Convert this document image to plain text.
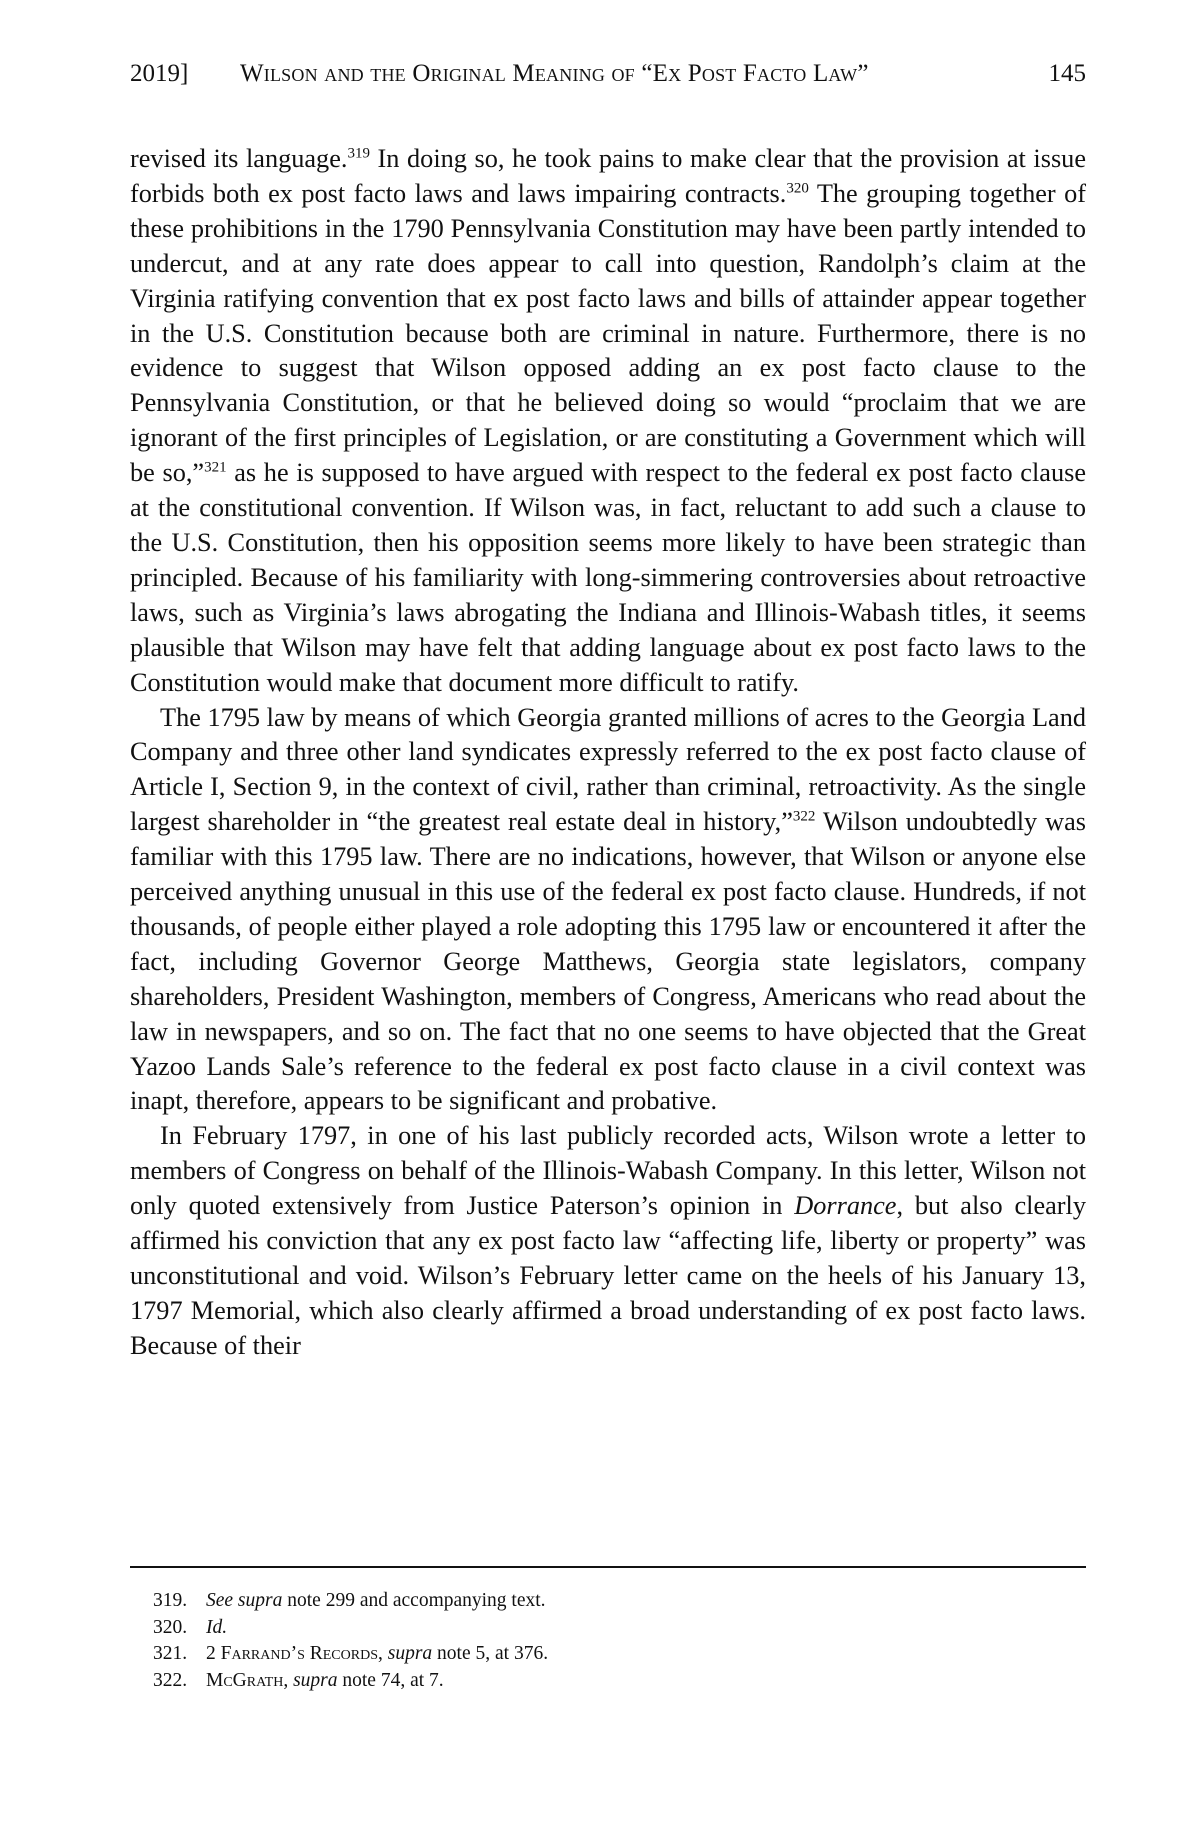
2019] Wilson and the Original Meaning of “Ex Post Facto Law”	145

revised its language.$^{319}$ In doing so, he took pains to make clear that the provision at issue forbids both ex post facto laws and laws impairing contracts.$^{320}$ The grouping together of these prohibitions in the 1790 Pennsylvania Constitution may have been partly intended to undercut, and at any rate does appear to call into question, Randolph’s claim at the Virginia ratifying convention that ex post facto laws and bills of attainder appear together in the U.S. Constitution because both are criminal in nature. Furthermore, there is no evidence to suggest that Wilson opposed adding an ex post facto clause to the Pennsylvania Constitution, or that he believed doing so would “proclaim that we are ignorant of the first principles of Legislation, or are constituting a Government which will be so,”$^{321}$ as he is supposed to have argued with respect to the federal ex post facto clause at the constitutional convention. If Wilson was, in fact, reluctant to add such a clause to the U.S. Constitution, then his opposition seems more likely to have been strategic than principled. Because of his familiarity with long-simmering controversies about retroactive laws, such as Virginia’s laws abrogating the Indiana and Illinois-Wabash titles, it seems plausible that Wilson may have felt that adding language about ex post facto laws to the Constitution would make that document more difficult to ratify.

The 1795 law by means of which Georgia granted millions of acres to the Georgia Land Company and three other land syndicates expressly referred to the ex post facto clause of Article I, Section 9, in the context of civil, rather than criminal, retroactivity. As the single largest shareholder in “the greatest real estate deal in history,”$^{322}$ Wilson undoubtedly was familiar with this 1795 law. There are no indications, however, that Wilson or anyone else perceived anything unusual in this use of the federal ex post facto clause. Hundreds, if not thousands, of people either played a role adopting this 1795 law or encountered it after the fact, including Governor George Matthews, Georgia state legislators, company shareholders, President Washington, members of Congress, Americans who read about the law in newspapers, and so on. The fact that no one seems to have objected that the Great Yazoo Lands Sale’s reference to the federal ex post facto clause in a civil context was inapt, therefore, appears to be significant and probative.

In February 1797, in one of his last publicly recorded acts, Wilson wrote a letter to members of Congress on behalf of the Illinois-Wabash Company. In this letter, Wilson not only quoted extensively from Justice Paterson’s opinion in Dorrance, but also clearly affirmed his conviction that any ex post facto law “affecting life, liberty or property” was unconstitutional and void. Wilson’s February letter came on the heels of his January 13, 1797 Memorial, which also clearly affirmed a broad understanding of ex post facto laws. Because of their

319. See supra note 299 and accompanying text.
320. Id.
321. 2 Farrand’s Records, supra note 5, at 376.
322. McGrath, supra note 74, at 7.
